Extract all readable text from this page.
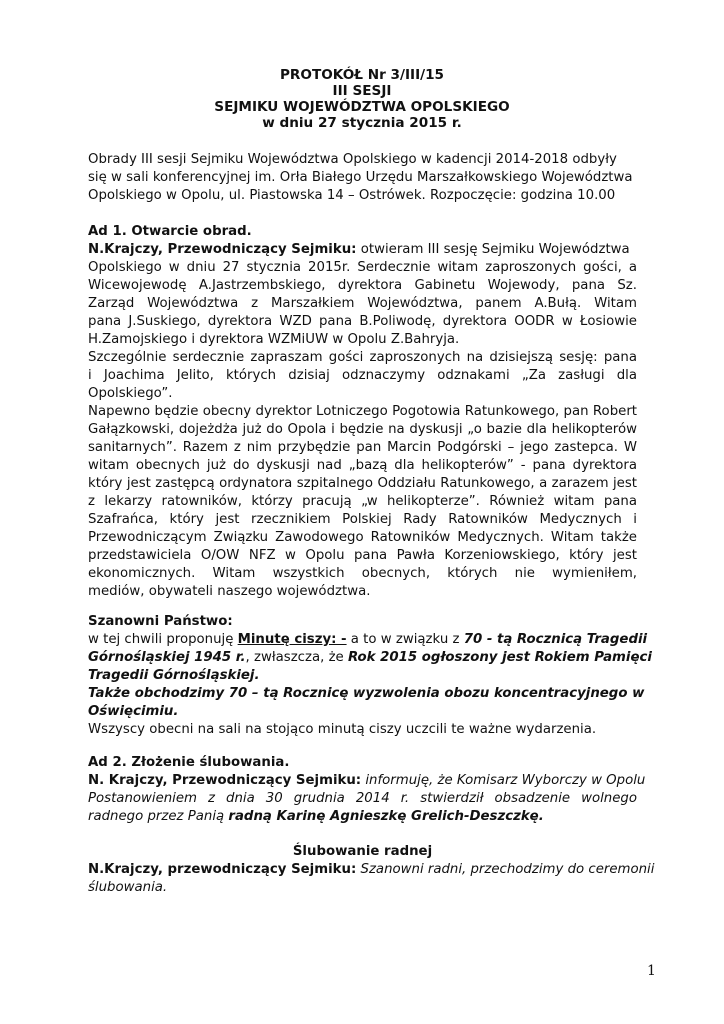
PROTOKÓŁ Nr 3/III/15
III SESJI
SEJMIKU WOJEWÓDZTWA OPOLSKIEGO
w dniu 27 stycznia 2015 r.
Obrady III sesji Sejmiku Województwa Opolskiego w kadencji 2014-2018 odbyły
się w sali konferencyjnej im. Orła Białego Urzędu Marszałkowskiego Województwa
Opolskiego w Opolu, ul. Piastowska 14 – Ostrówek. Rozpoczęcie: godzina 10.00
Ad 1. Otwarcie obrad.
N.Krajczy, Przewodniczący Sejmiku: otwieram III sesję Sejmiku Województwa
Opolskiego w dniu 27 stycznia 2015r. Serdecznie witam zaproszonych gości, a
Wicewojewodę A.Jastrzembskiego, dyrektora Gabinetu Wojewody, pana Sz.
Zarząd Województwa z Marszałkiem Województwa, panem A.Bułą. Witam
pana J.Suskiego, dyrektora WZD pana B.Poliwodę, dyrektora OODR w Łosiowie
H.Zamojskiego i dyrektora WZMiUW w Opolu Z.Bahryja.
Szczególnie serdecznie zapraszam gości zaproszonych na dzisiejszą sesję: pana
i Joachima Jelito, których dzisiaj odznaczymy odznakami „Za zasługi dla
Opolskiego”.
Napewno będzie obecny dyrektor Lotniczego Pogotowia Ratunkowego, pan Robert
Gałązkowski, dojeżdża już do Opola i będzie na dyskusji „o bazie dla helikopterów
sanitarnych”. Razem z nim przybędzie pan Marcin Podgórski – jego zastepca. W
witam obecnych już do dyskusji nad „bazą dla helikopterów” - pana dyrektora
który jest zastępcą ordynatora szpitalnego Oddziału Ratunkowego, a zarazem jest
z lekarzy ratowników, którzy pracują „w helikopterze”. Również witam pana
Szafrańca, który jest rzecznikiem Polskiej Rady Ratowników Medycznych i
Przewodniczącym Związku Zawodowego Ratowników Medycznych. Witam także
przedstawiciela O/OW NFZ w Opolu pana Pawła Korzeniowskiego, który jest
ekonomicznych. Witam wszystkich obecnych, których nie wymieniłem,
mediów, obywateli naszego województwa.
Szanowni Państwo:
w tej chwili proponuję Minutę ciszy: - a to w związku z 70 - tą Rocznicą Tragedii
Górnośląskiej 1945 r., zwłaszcza, że Rok 2015 ogłoszony jest Rokiem Pamięci
Tragedii Górnośląskiej.
Także obchodzimy 70 – tą Rocznicę wyzwolenia obozu koncentracyjnego w
Oświęcimiu.
Wszyscy obecni na sali na stojąco minutą ciszy uczcili te ważne wydarzenia.
Ad 2. Złożenie ślubowania.
N. Krajczy, Przewodniczący Sejmiku: informuję, że Komisarz Wyborczy w Opolu
Postanowieniem z dnia 30 grudnia 2014 r. stwierdził obsadzenie wolnego
radnego przez Panią radną Karinę Agnieszkę Grelich-Deszczkę.
Ślubowanie radnej
N.Krajczy, przewodniczący Sejmiku: Szanowni radni, przechodzimy do ceremonii
ślubowania.
1
